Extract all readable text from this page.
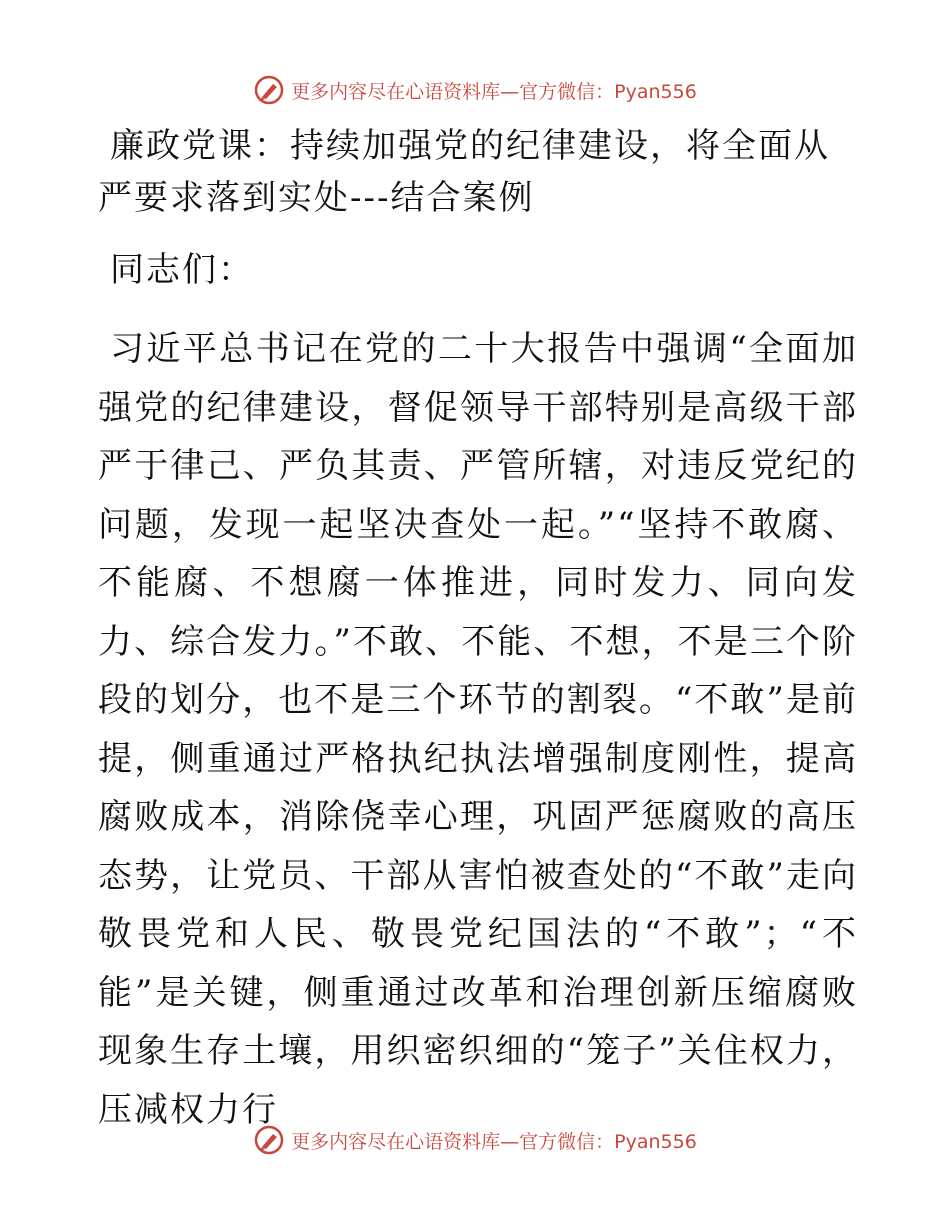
更多内容尽在心语资料库—官方微信：Pyan556
廉政党课：持续加强党的纪律建设，将全面从严要求落到实处---结合案例

同志们：

习近平总书记在党的二十大报告中强调“全面加强党的纪律建设，督促领导干部特别是高级干部严于律己、严负其责、严管所辖，对违反党纪的问题，发现一起坚决查处一起。”“坚持不敢腐、不能腐、不想腐一体推进，同时发力、同向发力、综合发力。”不敢、不能、不想，不是三个阶段的划分，也不是三个环节的割裂。“不敢”是前提，侧重通过严格执纪执法增强制度刚性，提高腐败成本，消除侥幸心理，巩固严惩腐败的高压态势，让党员、干部从害怕被查处的“不敢”走向敬畏党和人民、敬畏党纪国法的“不敢”；“不能”是关键，侧重通过改革和治理创新压缩腐败现象生存土壤，用织密织细的“笼子”关住权力，压减权力行

更多内容尽在心语资料库—官方微信：Pyan556
